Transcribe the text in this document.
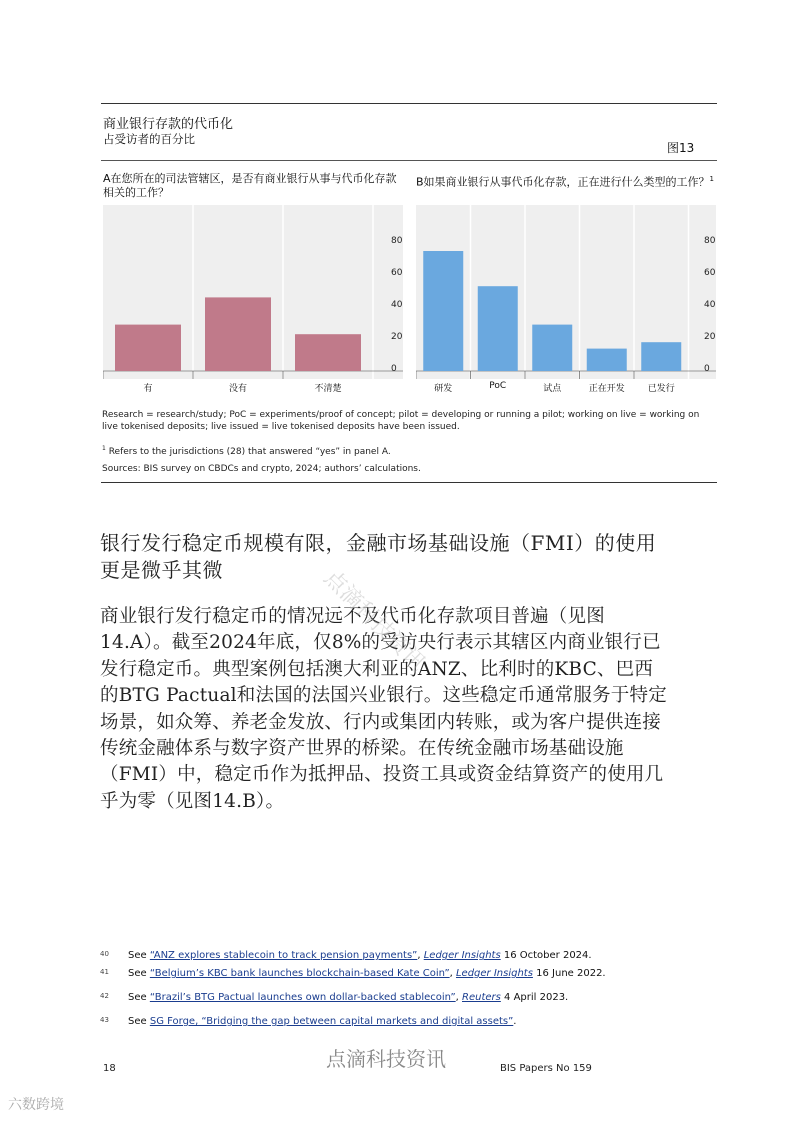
商业银行存款的代币化
占受访者的百分比
图13
A在您所在的司法管辖区，是否有商业银行从事与代币化存款相关的工作？
B如果商业银行从事代币化存款，正在进行什么类型的工作？$^1$
0
20
40
60
80
有	没有	不清楚
0
20
40
60
80
研发	PoC	试点	正在开发	已发行
Research = research/study; PoC = experiments/proof of concept; pilot = developing or running a pilot; working on live = working on live tokenised deposits; live issued = live tokenised deposits have been issued.
$^1$ Refers to the jurisdictions (28) that answered “yes” in panel A.
Sources: BIS survey on CBDCs and crypto, 2024; authors’ calculations.
银行发行稳定币规模有限，金融市场基础设施（FMI）的使用更是微乎其微
商业银行发行稳定币的情况远不及代币化存款项目普遍（见图14.A）。截至2024年底，仅8%的受访央行表示其辖区内商业银行已发行稳定币。典型案例包括澳大利亚的ANZ、比利时的KBC、巴西的BTG Pactual和法国的法国兴业银行。这些稳定币通常服务于特定场景，如众筹、养老金发放、行内或集团内转账，或为客户提供连接传统金融体系与数字资产世界的桥梁。在传统金融市场基础设施（FMI）中，稳定币作为抵押品、投资工具或资金结算资产的使用几乎为零（见图14.B）。
点滴科技资讯
40 See “ANZ explores stablecoin to track pension payments”, Ledger Insights 16 October 2024.
41 See “Belgium’s KBC bank launches blockchain-based Kate Coin”, Ledger Insights 16 June 2022.
42 See “Brazil’s BTG Pactual launches own dollar-backed stablecoin”, Reuters 4 April 2023.
43 See SG Forge, “Bridging the gap between capital markets and digital assets”.
18	点滴科技资讯	BIS Papers No 159
六数跨境
